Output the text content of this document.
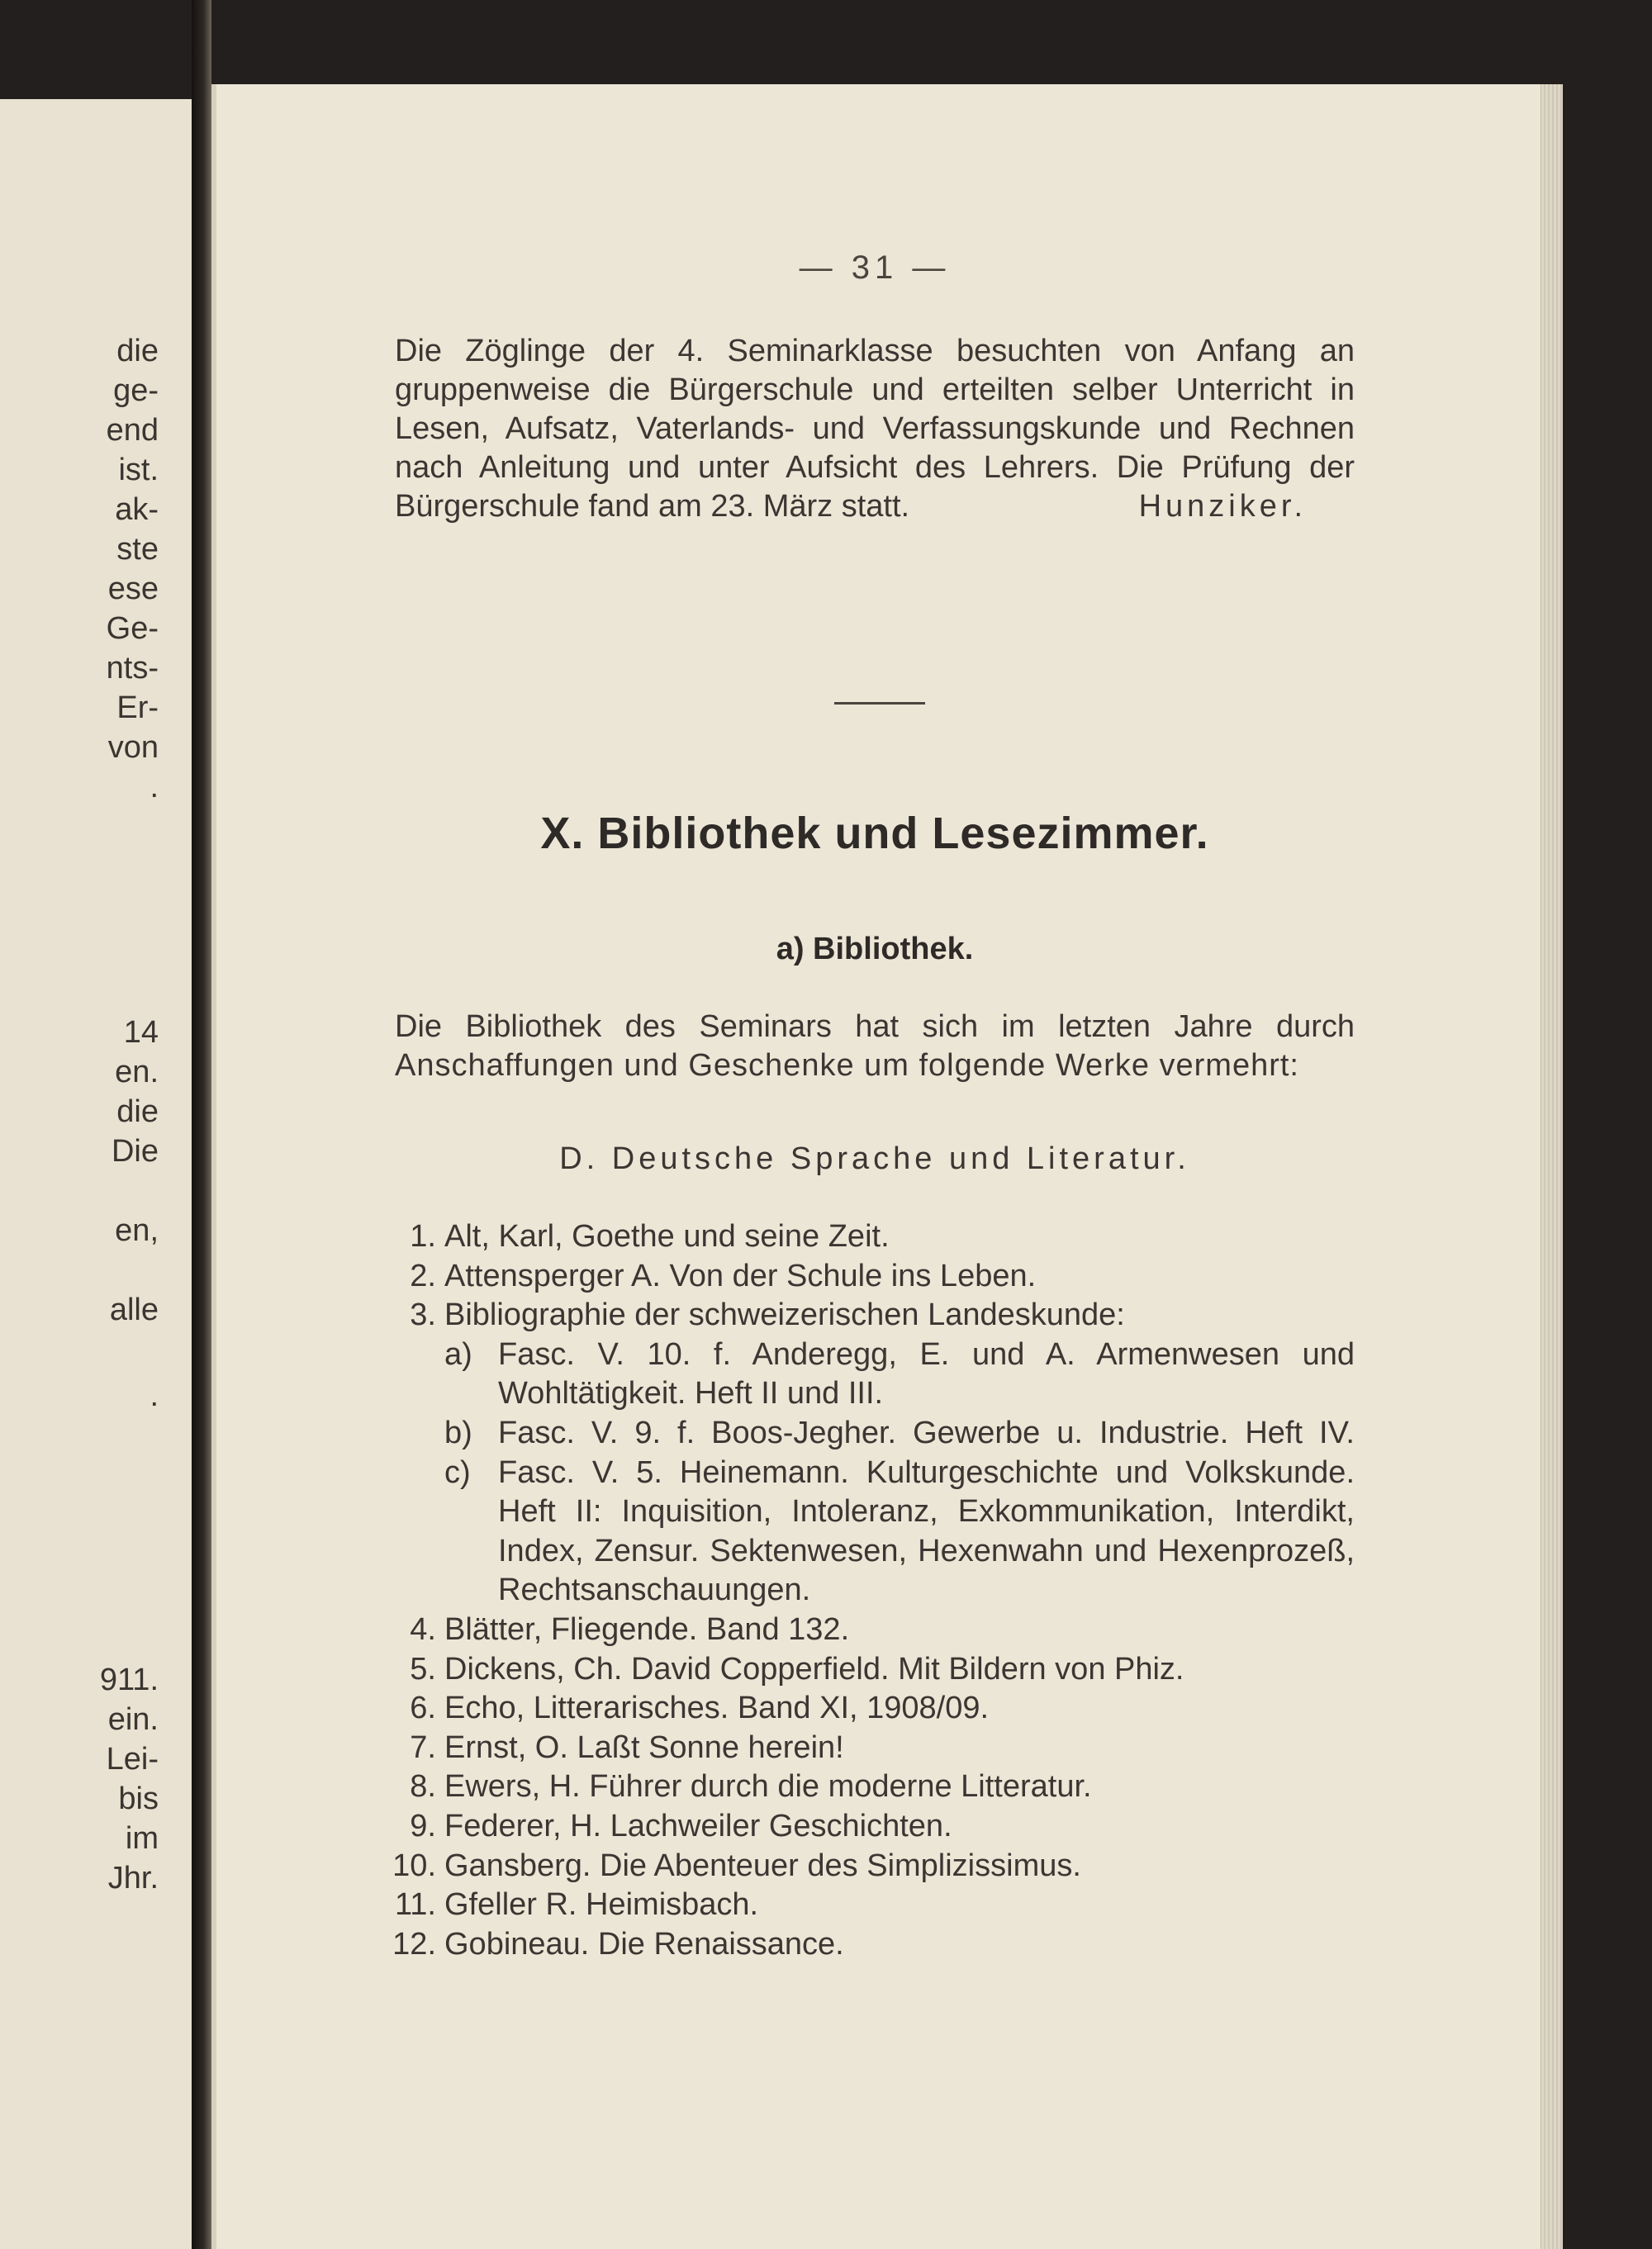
die
ge-
end
ist.
ak-
ste
ese
Ge-
nts-
Er-
von
.
14
en.
die
Die
en,
alle
.
911.
ein.
Lei-
bis
im
Jhr.
— 31 —
Die Zöglinge der 4. Seminarklasse besuchten von Anfang an
gruppenweise die Bürgerschule und erteilten selber Unterricht in
Lesen, Aufsatz, Vaterlands- und Verfassungskunde und Rechnen
nach Anleitung und unter Aufsicht des Lehrers. Die Prüfung der
Bürgerschule fand am 23. März statt.	Hunziker.
X. Bibliothek und Lesezimmer.
a) Bibliothek.
Die Bibliothek des Seminars hat sich im letzten Jahre durch
Anschaffungen und Geschenke um folgende Werke vermehrt:
D. Deutsche Sprache und Literatur.
1. Alt, Karl, Goethe und seine Zeit.
2. Attensperger A. Von der Schule ins Leben.
3. Bibliographie der schweizerischen Landeskunde:
a) Fasc. V. 10. f. Anderegg, E. und A. Armenwesen und
Wohltätigkeit. Heft II und III.
b) Fasc. V. 9. f. Boos-Jegher. Gewerbe u. Industrie. Heft IV.
c) Fasc. V. 5. Heinemann. Kulturgeschichte und Volkskunde.
Heft II: Inquisition, Intoleranz, Exkommunikation, Interdikt,
Index, Zensur. Sektenwesen, Hexenwahn und Hexenprozeß,
Rechtsanschauungen.
4. Blätter, Fliegende. Band 132.
5. Dickens, Ch. David Copperfield. Mit Bildern von Phiz.
6. Echo, Litterarisches. Band XI, 1908/09.
7. Ernst, O. Laßt Sonne herein!
8. Ewers, H. Führer durch die moderne Litteratur.
9. Federer, H. Lachweiler Geschichten.
10. Gansberg. Die Abenteuer des Simplizissimus.
11. Gfeller R. Heimisbach.
12. Gobineau. Die Renaissance.
